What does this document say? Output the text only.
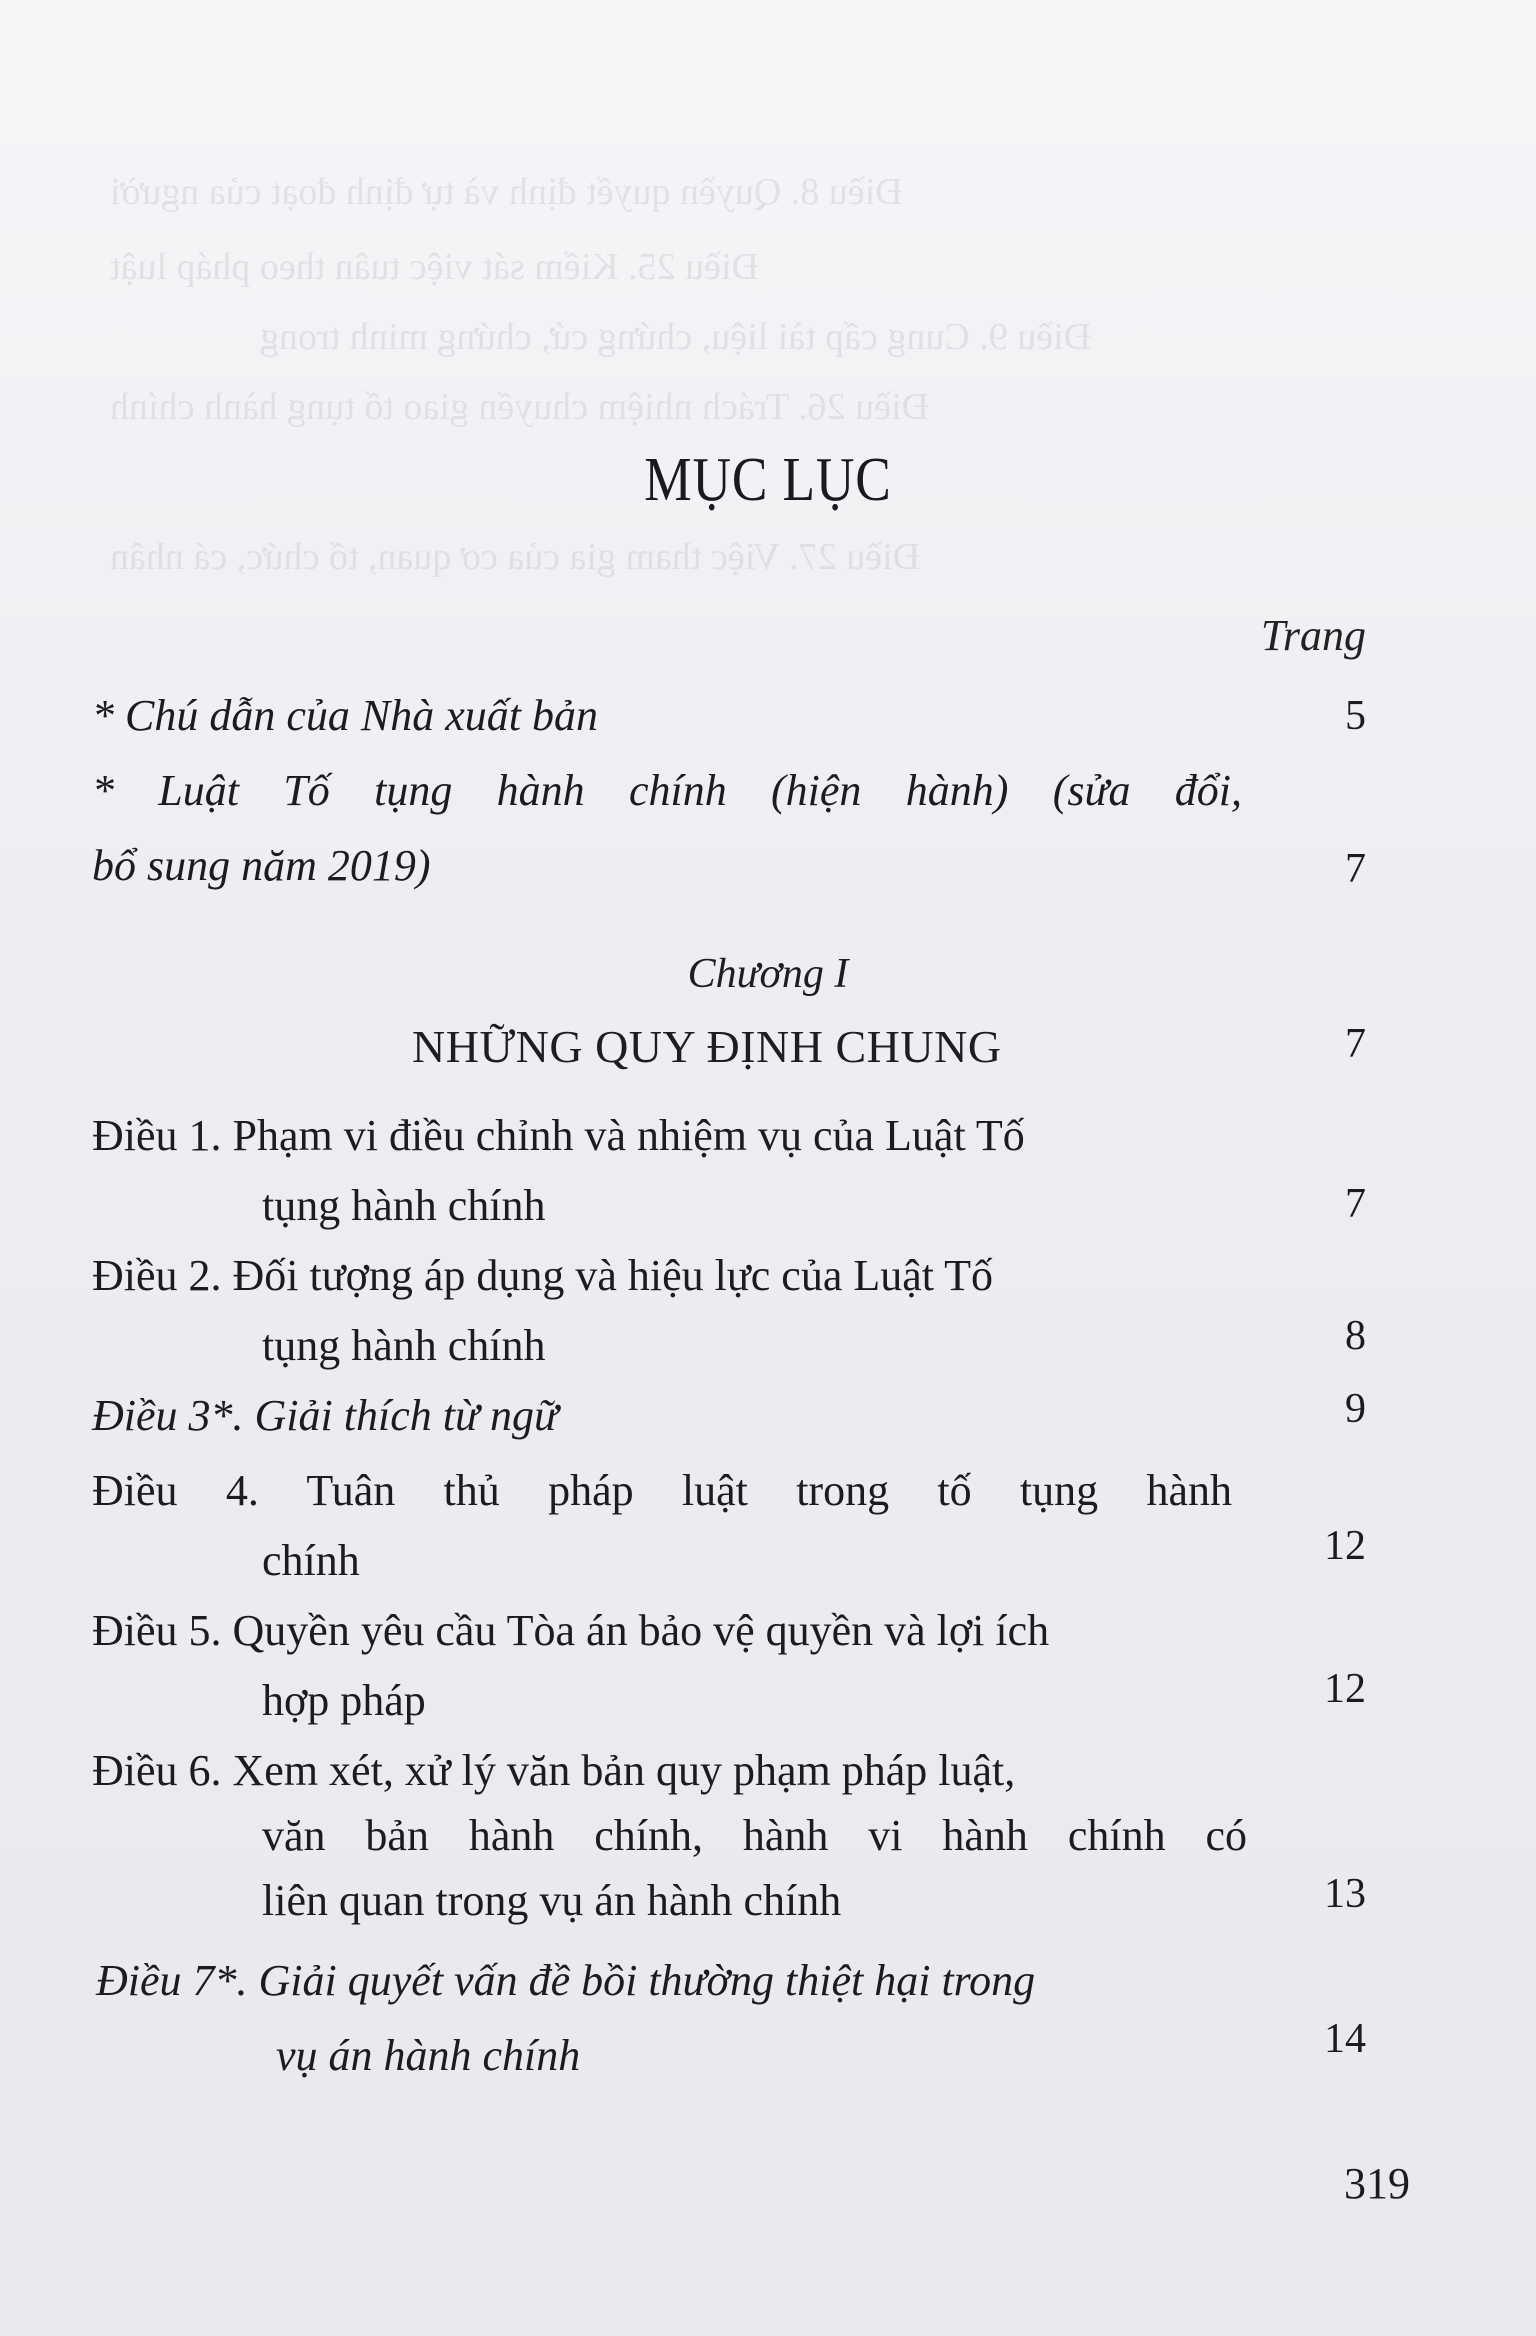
Điều 8. Quyền quyết định và tự định đoạt của người
Điều 25. Kiểm sát việc tuân theo pháp luật
Điều 9. Cung cấp tài liệu, chứng cứ, chứng minh trong
Điều 26. Trách nhiệm chuyển giao tố tụng hành chính
Điều 27. Việc tham gia của cơ quan, tổ chức, cá nhân
MỤC LỤC
Trang
* Chú dẫn của Nhà xuất bản	5
* Luật Tố tụng hành chính (hiện hành) (sửa đổi,
bổ sung năm 2019)	7
Chương I
NHỮNG QUY ĐỊNH CHUNG	7
Điều 1. Phạm vi điều chỉnh và nhiệm vụ của Luật Tố
tụng hành chính	7
Điều 2. Đối tượng áp dụng và hiệu lực của Luật Tố
tụng hành chính	8
Điều 3*. Giải thích từ ngữ	9
Điều 4. Tuân thủ pháp luật trong tố tụng hành
chính	12
Điều 5. Quyền yêu cầu Tòa án bảo vệ quyền và lợi ích
hợp pháp	12
Điều 6. Xem xét, xử lý văn bản quy phạm pháp luật,
văn bản hành chính, hành vi hành chính có
liên quan trong vụ án hành chính	13
Điều 7*. Giải quyết vấn đề bồi thường thiệt hại trong
vụ án hành chính	14
319
